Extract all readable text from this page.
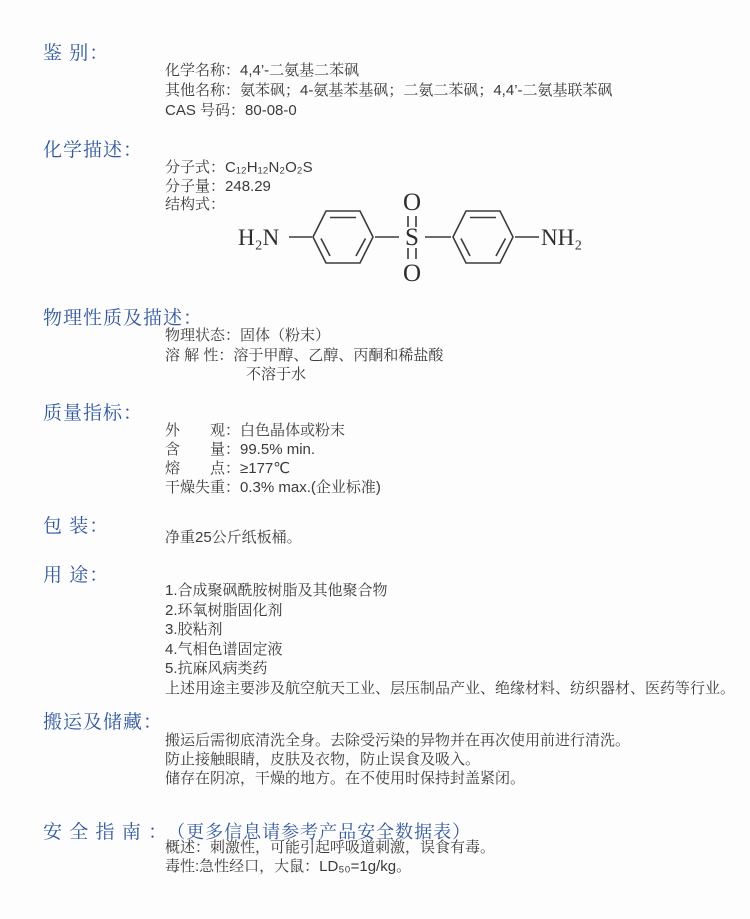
鉴 别：
化学名称：4,4’-二氨基二苯砜
其他名称：氨苯砜；4-氨基苯基砜；二氨二苯砜；4,4’-二氨基联苯砜
CAS 号码：80-08-0
化学描述：
分子式：C₁₂H₁₂N₂O₂S
分子量：248.29
结构式：
H₂N
O
S
O
NH₂
物理性质及描述：
物理状态：固体（粉末）
溶 解 性：溶于甲醇、乙醇、丙酮和稀盐酸
不溶于水
质量指标：
外　　观：白色晶体或粉末
含　　量：99.5% min.
熔　　点：≥177℃
干燥失重：0.3% max.(企业标准)
包 装：
净重25公斤纸板桶。
用 途：
1.合成聚砜酰胺树脂及其他聚合物
2.环氧树脂固化剂
3.胶粘剂
4.气相色谱固定液
5.抗麻风病类药
上述用途主要涉及航空航天工业、层压制品产业、绝缘材料、纺织器材、医药等行业。
搬运及储藏：
搬运后需彻底清洗全身。去除受污染的异物并在再次使用前进行清洗。
防止接触眼睛，皮肤及衣物，防止误食及吸入。
储存在阴凉，干燥的地方。在不使用时保持封盖紧闭。
安 全 指 南 ： （更多信息请参考产品安全数据表）
概述：刺激性，可能引起呼吸道刺激，误食有毒。
毒性:急性经口，大鼠：LD₅₀=1g/kg。
